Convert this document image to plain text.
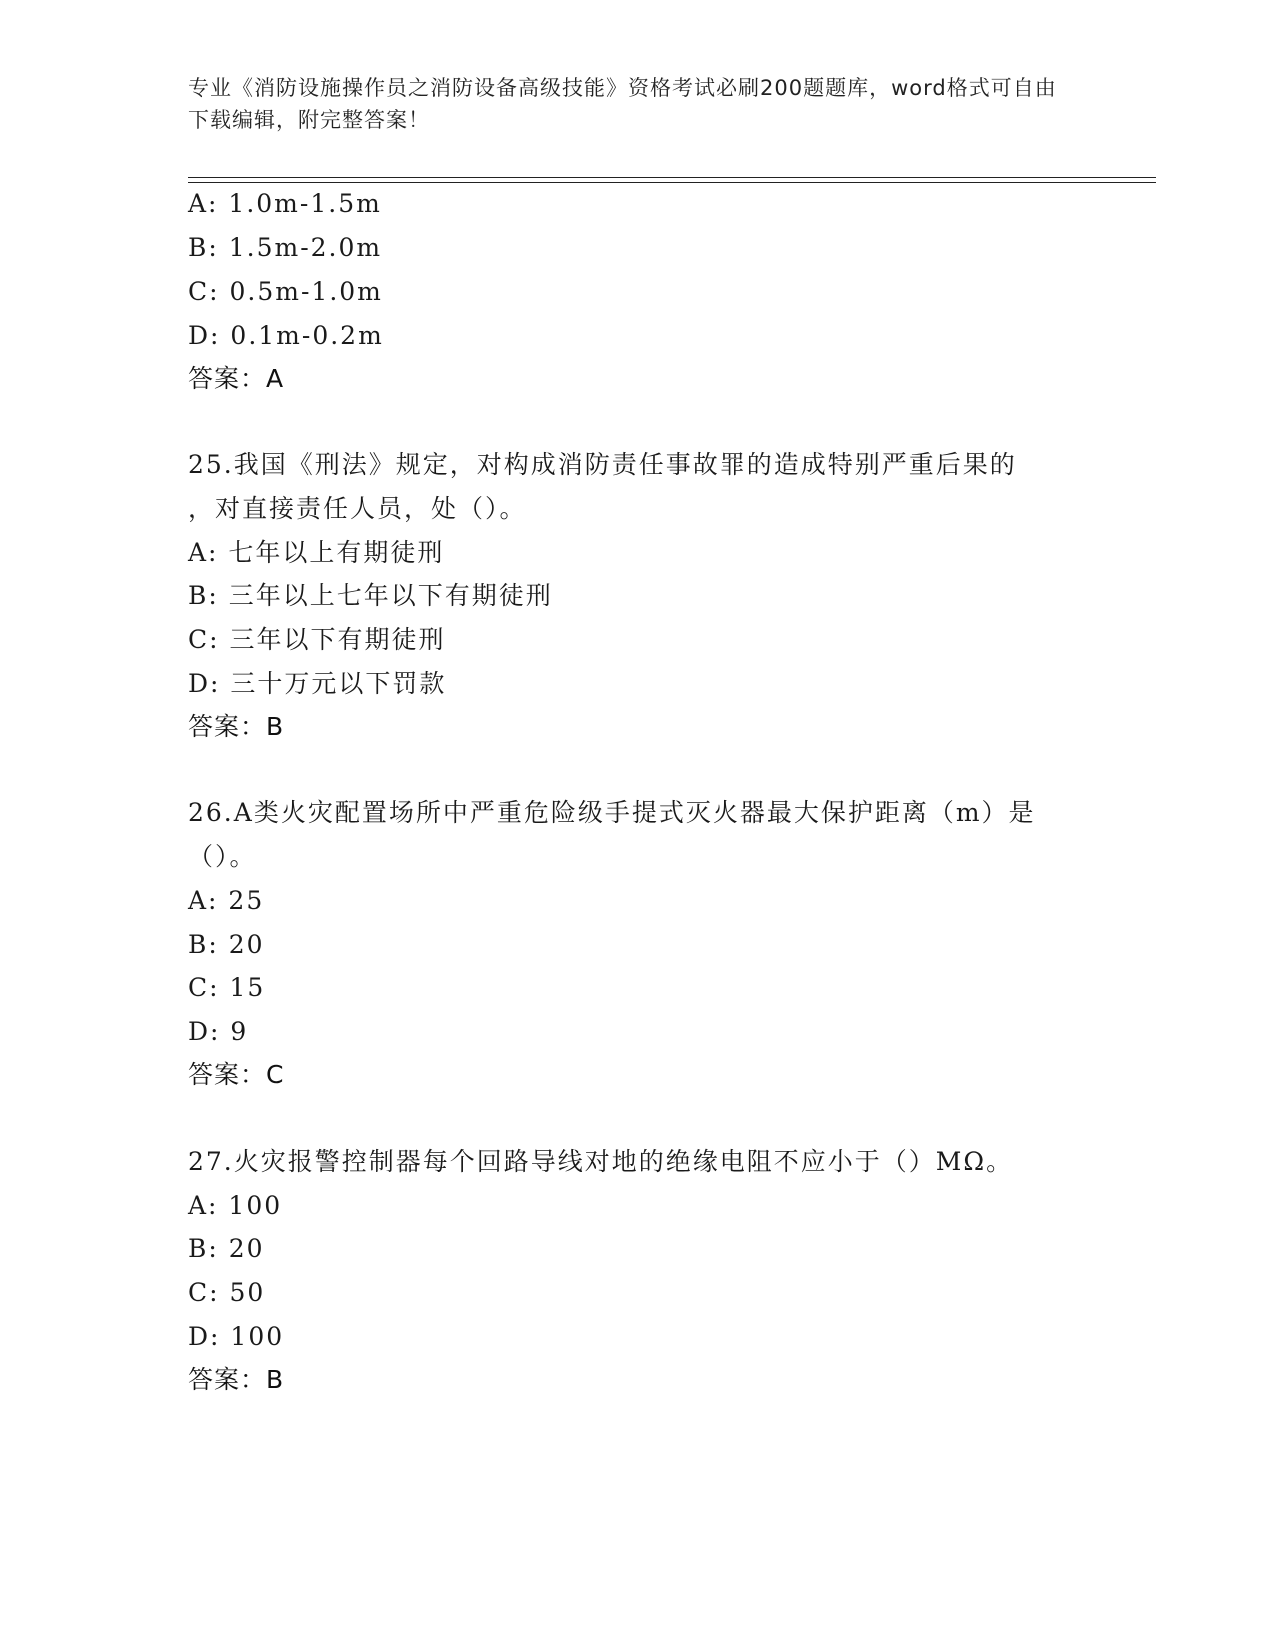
专业《消防设施操作员之消防设备高级技能》资格考试必刷200题题库，word格式可自由下载编辑，附完整答案！
A: 1.0m-1.5m
B: 1.5m-2.0m
C: 0.5m-1.0m
D: 0.1m-0.2m
答案：A
25.我国《刑法》规定，对构成消防责任事故罪的造成特别严重后果的
，对直接责任人员，处（）。
A: 七年以上有期徒刑
B: 三年以上七年以下有期徒刑
C: 三年以下有期徒刑
D: 三十万元以下罚款
答案：B
26.A类火灾配置场所中严重危险级手提式灭火器最大保护距离（m）是
（）。
A: 25
B: 20
C: 15
D: 9
答案：C
27.火灾报警控制器每个回路导线对地的绝缘电阻不应小于（）MΩ。
A: 100
B: 20
C: 50
D: 100
答案：B
